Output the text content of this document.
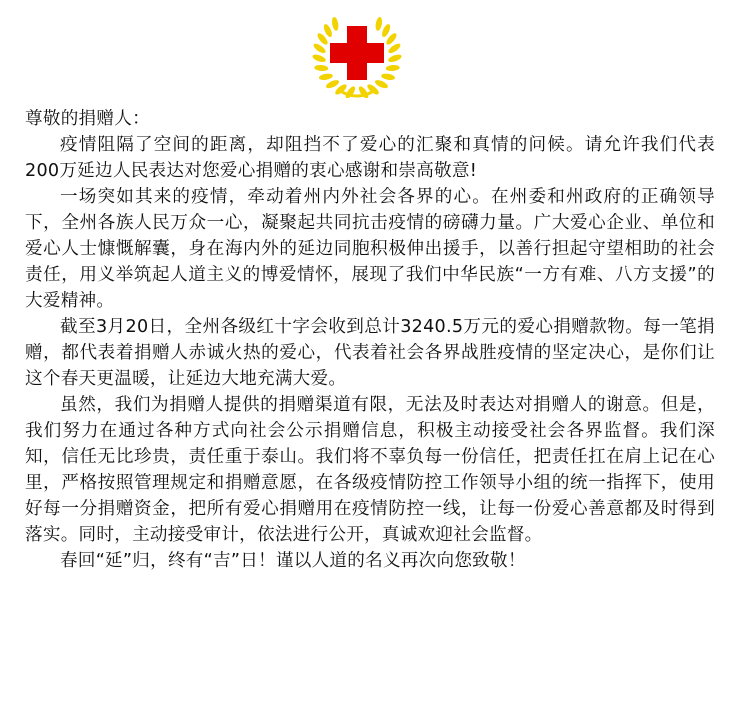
尊敬的捐赠人：

疫情阻隔了空间的距离，却阻挡不了爱心的汇聚和真情的问候。请允许我们代表200万延边人民表达对您爱心捐赠的衷心感谢和崇高敬意!

一场突如其来的疫情，牵动着州内外社会各界的心。在州委和州政府的正确领导下，全州各族人民万众一心，凝聚起共同抗击疫情的磅礴力量。广大爱心企业、单位和爱心人士慷慨解囊，身在海内外的延边同胞积极伸出援手，以善行担起守望相助的社会责任，用义举筑起人道主义的博爱情怀，展现了我们中华民族“一方有难、八方支援”的大爱精神。

截至3月20日，全州各级红十字会收到总计3240.5万元的爱心捐赠款物。每一笔捐赠，都代表着捐赠人赤诚火热的爱心，代表着社会各界战胜疫情的坚定决心，是你们让这个春天更温暖，让延边大地充满大爱。

虽然，我们为捐赠人提供的捐赠渠道有限，无法及时表达对捐赠人的谢意。但是，我们努力在通过各种方式向社会公示捐赠信息，积极主动接受社会各界监督。我们深知，信任无比珍贵，责任重于泰山。我们将不辜负每一份信任，把责任扛在肩上记在心里，严格按照管理规定和捐赠意愿，在各级疫情防控工作领导小组的统一指挥下，使用好每一分捐赠资金，把所有爱心捐赠用在疫情防控一线，让每一份爱心善意都及时得到落实。同时，主动接受审计，依法进行公开，真诚欢迎社会监督。

春回“延”归，终有“吉”日！谨以人道的名义再次向您致敬！
